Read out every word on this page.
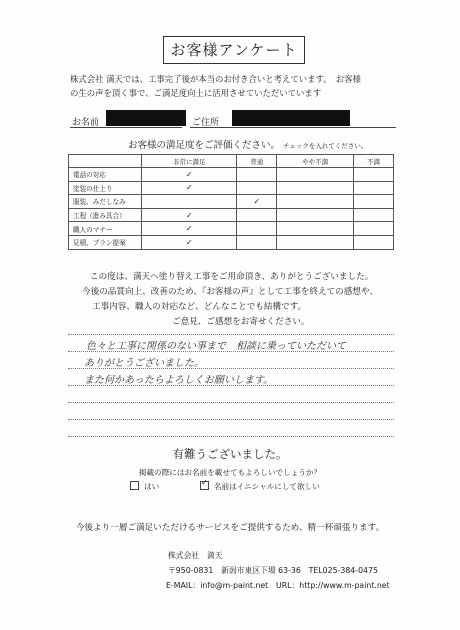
お客様アンケート

株式会社 満天では、工事完了後が本当のお付き合いと考えています。　お客様

の生の声を頂く事で、ご満足度向上に活用させていただいています

お名前	ご住所
お客様の満足度をご評価ください。 チェックを入れてください。
	非常に満足	普通	やや不満	不満
電話の対応	✓			
塗装の仕上り	✓			
服装、みだしなみ		✓		
工程（進み具合）	✓			
職人のマナー	✓			
見積、プラン提案	✓			

この度は、満天へ塗り替え工事をご用命頂き、ありがとうございました。

今後の品質向上、改善のため、『お客様の声』として工事を終えての感想や、

工事内容、職人の対応など、どんなことでも結構です。

ご意見、ご感想をお寄せください。

色々と工事に関係のない事まで　相談に乗っていただいて
ありがとうございました。
また何かあったらよろしくお願いします。
有難うございました。
掲載の際にはお名前を載せてもよろしいでしょうか？
はい	✓ 名前はイニシャルにして欲しい
今後より一層ご満足いただけるサービスをご提供するため、精一杯頑張ります。

株式会社　満天

〒950-0831　新潟市東区下場 63-36　TEL025-384-0475

E-MAIL：info@m-paint.net　URL：http://www.m-paint.net
